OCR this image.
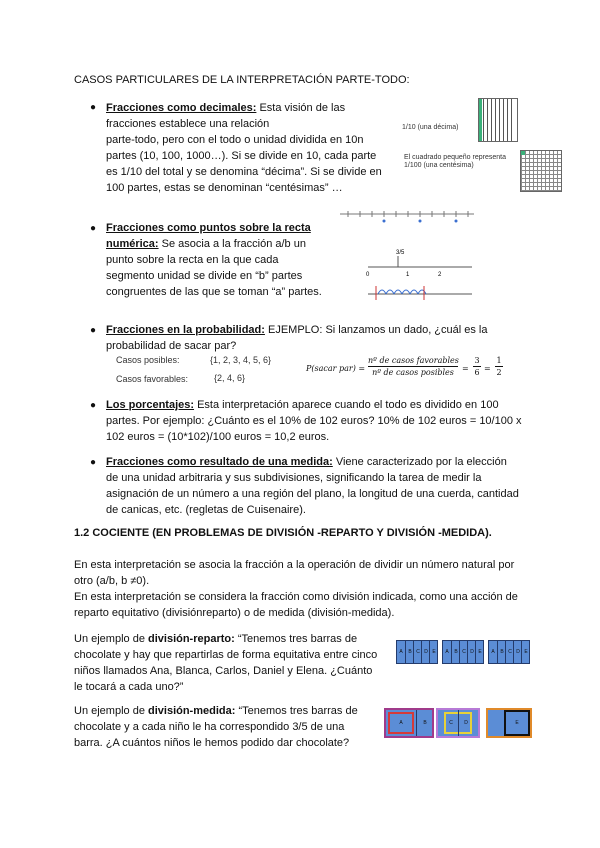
CASOS PARTICULARES DE LA INTERPRETACIÓN PARTE-TODO:
● Fracciones como decimales: Esta visión de las
fracciones establece una relación
parte-todo, pero con el todo o unidad dividida en 10n
partes (10, 100, 1000…). Si se divide en 10, cada parte
es 1/10 del total y se denomina “décima”. Si se divide en
100 partes, estas se denominan “centésimas” …
1/10 (una décima)
El cuadrado pequeño representa
1/100 (una centésima)
● Fracciones como puntos sobre la recta
numérica: Se asocia a la fracción a/b un
punto sobre la recta en la que cada
segmento unidad se divide en “b” partes
congruentes de las que se toman “a” partes.
3/5
0	1	2
● Fracciones en la probabilidad: EJEMPLO: Si lanzamos un dado, ¿cuál es la
probabilidad de sacar par?
Casos posibles:	{1, 2, 3, 4, 5, 6}
Casos favorables:	{2, 4, 6}
P(sacar par) =
nº de casos favorables
nº de casos posibles	=
3
6 =
1
2
● Los porcentajes: Esta interpretación aparece cuando el todo es dividido en 100
partes. Por ejemplo: ¿Cuánto es el 10% de 102 euros? 10% de 102 euros = 10/100 x
102 euros = (10*102)/100 euros = 10,2 euros.
● Fracciones como resultado de una medida: Viene caracterizado por la elección
de una unidad arbitraria y sus subdivisiones, significando la tarea de medir la
asignación de un número a una región del plano, la longitud de una cuerda, cantidad
de canicas, etc. (regletas de Cuisenaire).
1.2 COCIENTE (EN PROBLEMAS DE DIVISIÓN -REPARTO Y DIVISIÓN -MEDIDA).
En esta interpretación se asocia la fracción a la operación de dividir un número natural por
otro (a/b, b ≠0).
En esta interpretación se considera la fracción como división indicada, como una acción de
reparto equitativo (divisiónreparto) o de medida (división-medida).
Un ejemplo de división-reparto: “Tenemos tres barras de
chocolate y hay que repartirlas de forma equitativa entre cinco
niños llamados Ana, Blanca, Carlos, Daniel y Elena. ¿Cuánto
le tocará a cada uno?”
A	B C D E	A	B C D E	A	B C D E
Un ejemplo de división-medida: “Tenemos tres barras de
chocolate y a cada niño le ha correspondido 3/5 de una
barra. ¿A cuántos niños le hemos podido dar chocolate?
A	B	C	D	E
